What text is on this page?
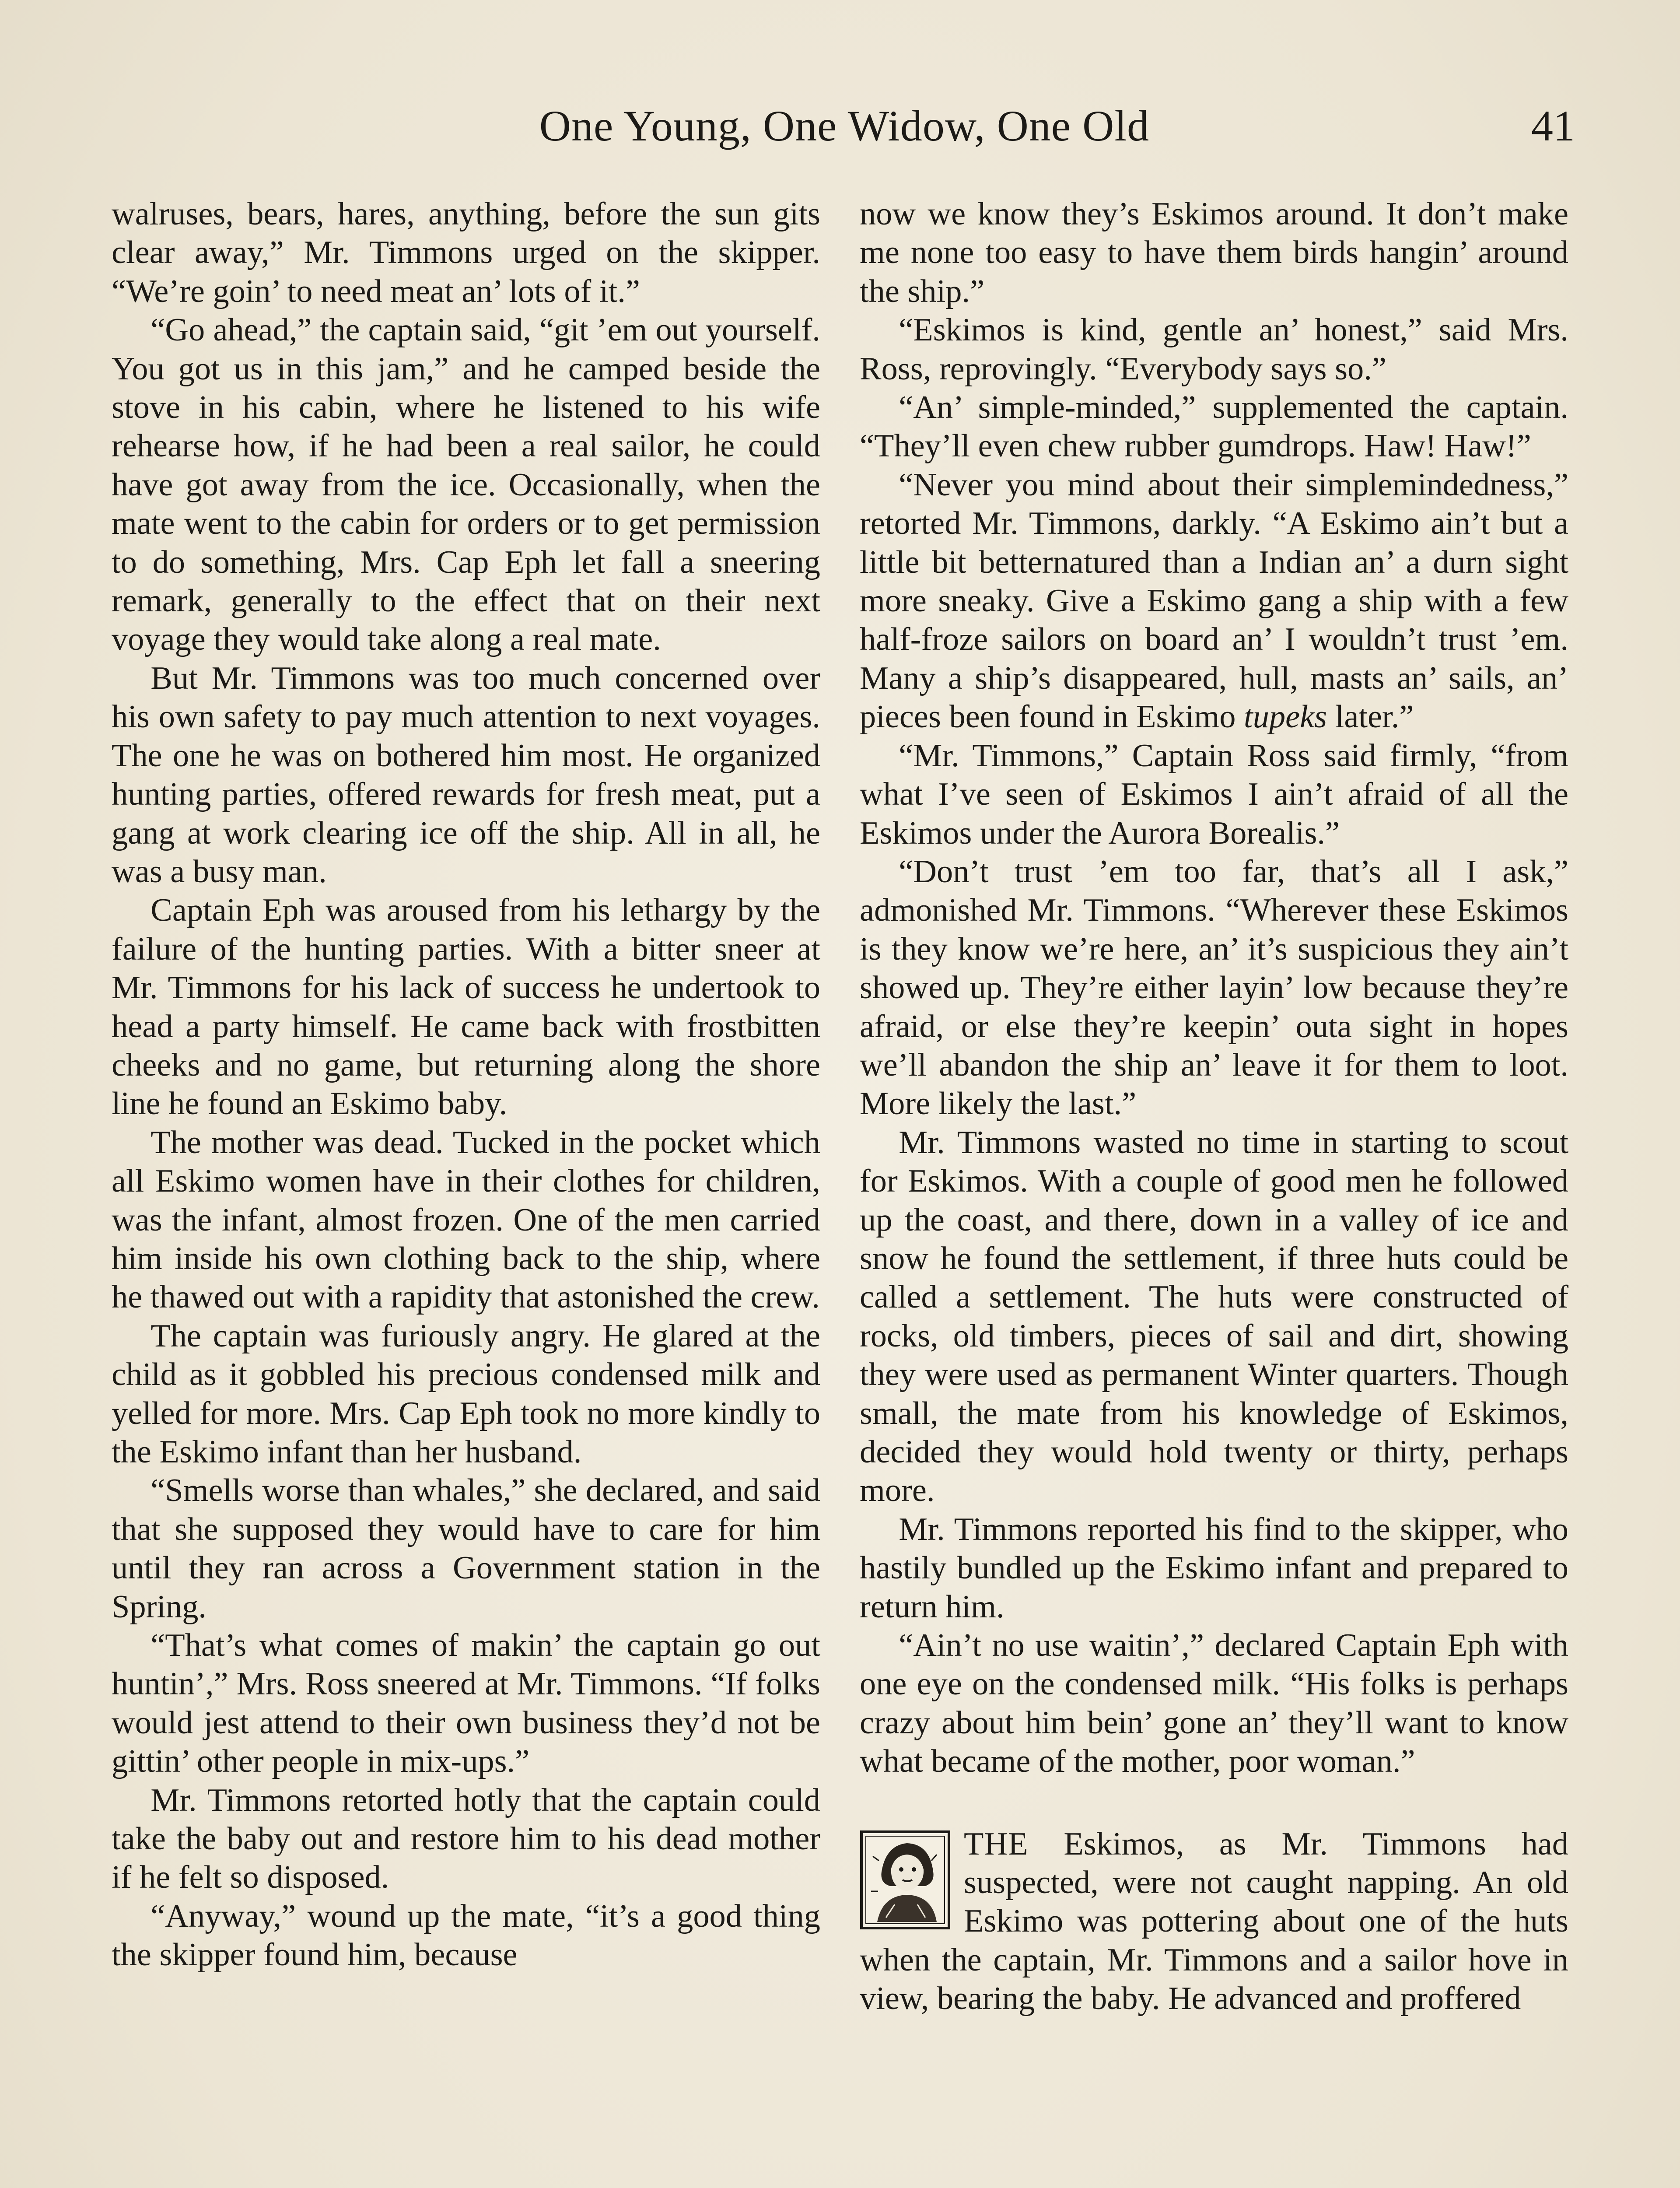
One Young, One Widow, One Old	41

walruses, bears, hares, anything, before the sun gits clear away,” Mr. Timmons urged on the skipper. “We’re goin’ to need meat an’ lots of it.”

“Go ahead,” the captain said, “git ’em out yourself. You got us in this jam,” and he camped beside the stove in his cabin, where he listened to his wife rehearse how, if he had been a real sailor, he could have got away from the ice. Occasionally, when the mate went to the cabin for orders or to get permission to do something, Mrs. Cap Eph let fall a sneering remark, generally to the effect that on their next voyage they would take along a real mate.

But Mr. Timmons was too much concerned over his own safety to pay much attention to next voyages. The one he was on bothered him most. He organized hunting parties, offered rewards for fresh meat, put a gang at work clearing ice off the ship. All in all, he was a busy man.

Captain Eph was aroused from his lethargy by the failure of the hunting parties. With a bitter sneer at Mr. Timmons for his lack of success he undertook to head a party himself. He came back with frostbitten cheeks and no game, but returning along the shore line he found an Eskimo baby.

The mother was dead. Tucked in the pocket which all Eskimo women have in their clothes for children, was the infant, almost frozen. One of the men carried him inside his own clothing back to the ship, where he thawed out with a rapidity that astonished the crew.

The captain was furiously angry. He glared at the child as it gobbled his precious condensed milk and yelled for more. Mrs. Cap Eph took no more kindly to the Eskimo infant than her husband.

“Smells worse than whales,” she declared, and said that she supposed they would have to care for him until they ran across a Government station in the Spring.

“That’s what comes of makin’ the captain go out huntin’,” Mrs. Ross sneered at Mr. Timmons. “If folks would jest attend to their own business they’d not be gittin’ other people in mix-ups.”

Mr. Timmons retorted hotly that the captain could take the baby out and restore him to his dead mother if he felt so disposed.

“Anyway,” wound up the mate, “it’s a good thing the skipper found him, because

now we know they’s Eskimos around. It don’t make me none too easy to have them birds hangin’ around the ship.”

“Eskimos is kind, gentle an’ honest,” said Mrs. Ross, reprovingly. “Everybody says so.”

“An’ simple-minded,” supplemented the captain. “They’ll even chew rubber gumdrops. Haw! Haw!”

“Never you mind about their simplemindedness,” retorted Mr. Timmons, darkly. “A Eskimo ain’t but a little bit betternatured than a Indian an’ a durn sight more sneaky. Give a Eskimo gang a ship with a few half-froze sailors on board an’ I wouldn’t trust ’em. Many a ship’s disappeared, hull, masts an’ sails, an’ pieces been found in Eskimo tupeks later.”

“Mr. Timmons,” Captain Ross said firmly, “from what I’ve seen of Eskimos I ain’t afraid of all the Eskimos under the Aurora Borealis.”

“Don’t trust ’em too far, that’s all I ask,” admonished Mr. Timmons. “Wherever these Eskimos is they know we’re here, an’ it’s suspicious they ain’t showed up. They’re either layin’ low because they’re afraid, or else they’re keepin’ outa sight in hopes we’ll abandon the ship an’ leave it for them to loot. More likely the last.”

Mr. Timmons wasted no time in starting to scout for Eskimos. With a couple of good men he followed up the coast, and there, down in a valley of ice and snow he found the settlement, if three huts could be called a settlement. The huts were constructed of rocks, old timbers, pieces of sail and dirt, showing they were used as permanent Winter quarters. Though small, the mate from his knowledge of Eskimos, decided they would hold twenty or thirty, perhaps more.

Mr. Timmons reported his find to the skipper, who hastily bundled up the Eskimo infant and prepared to return him.

“Ain’t no use waitin’,” declared Captain Eph with one eye on the condensed milk. “His folks is perhaps crazy about him bein’ gone an’ they’ll want to know what became of the mother, poor woman.”

THE Eskimos, as Mr. Timmons had suspected, were not caught napping. An old Eskimo was pottering about one of the huts when the captain, Mr. Timmons and a sailor hove in view, bearing the baby. He advanced and proffered
